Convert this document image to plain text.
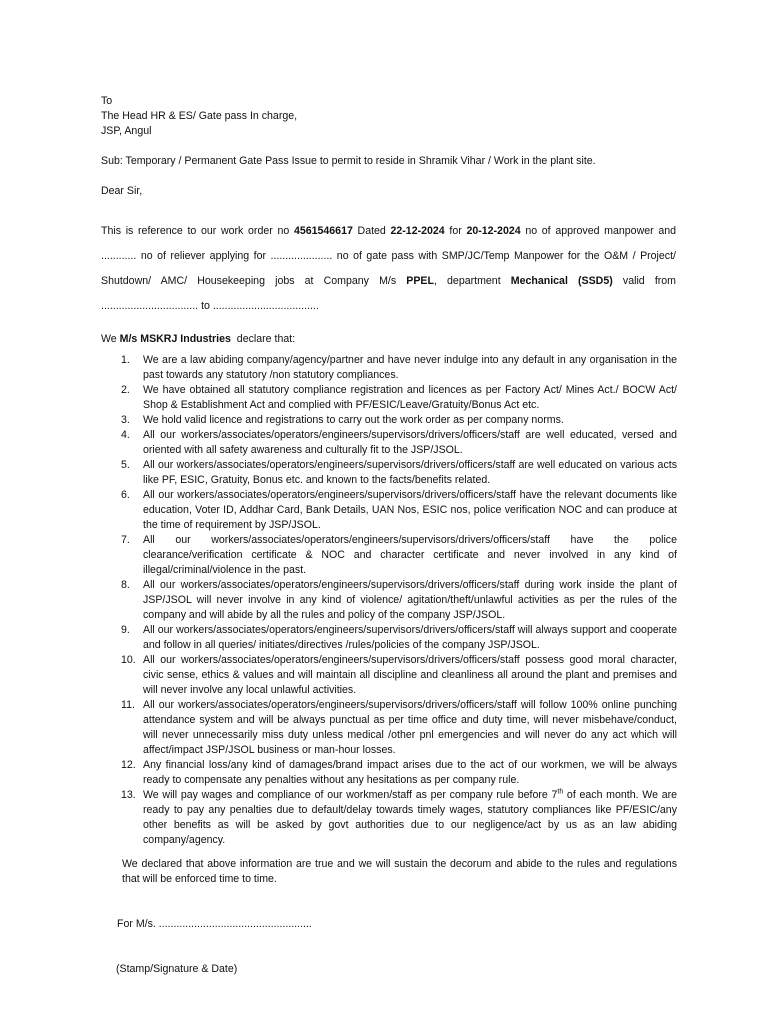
To
The Head HR & ES/ Gate pass In charge,
JSP, Angul
Sub: Temporary / Permanent Gate Pass Issue to permit to reside in Shramik Vihar / Work in the plant site.
Dear Sir,

This is reference to our work order no 4561546617 Dated 22-12-2024 for 20-12-2024 no of approved manpower and

............ no of reliever applying for ..................... no of gate pass with SMP/JC/Temp Manpower for the O&M / Project/

Shutdown/ AMC/ Housekeeping jobs at Company M/s PPEL, department Mechanical (SSD5) valid from

................................. to ....................................

We M/s MSKRJ Industries  declare that:
1. We are a law abiding company/agency/partner and have never indulge into any default in any organisation in the past towards any statutory /non statutory compliances.
2. We have obtained all statutory compliance registration and licences as per Factory Act/ Mines Act./ BOCW Act/ Shop & Establishment Act and complied with PF/ESIC/Leave/Gratuity/Bonus Act etc.
3. We hold valid licence and registrations to carry out the work order as per company norms.
4. All our workers/associates/operators/engineers/supervisors/drivers/officers/staff are well educated, versed and oriented with all safety awareness and culturally fit to the JSP/JSOL.
5. All our workers/associates/operators/engineers/supervisors/drivers/officers/staff are well educated on various acts like PF, ESIC, Gratuity, Bonus etc. and known to the facts/benefits related.
6. All our workers/associates/operators/engineers/supervisors/drivers/officers/staff have the relevant documents like education, Voter ID, Addhar Card, Bank Details, UAN Nos, ESIC nos, police verification NOC and can produce at the time of requirement by JSP/JSOL.
7. All our workers/associates/operators/engineers/supervisors/drivers/officers/staff have the police clearance/verification certificate & NOC and character certificate and never involved in any kind of illegal/criminal/violence in the past.
8. All our workers/associates/operators/engineers/supervisors/drivers/officers/staff during work inside the plant of JSP/JSOL will never involve in any kind of violence/ agitation/theft/unlawful activities as per the rules of the company and will abide by all the rules and policy of the company JSP/JSOL.
9. All our workers/associates/operators/engineers/supervisors/drivers/officers/staff will always support and cooperate and follow in all queries/ initiates/directives /rules/policies of the company JSP/JSOL.
10. All our workers/associates/operators/engineers/supervisors/drivers/officers/staff possess good moral character, civic sense, ethics & values and will maintain all discipline and cleanliness all around the plant and premises and will never involve any local unlawful activities.
11. All our workers/associates/operators/engineers/supervisors/drivers/officers/staff will follow 100% online punching attendance system and will be always punctual as per time office and duty time, will never misbehave/conduct, will never unnecessarily miss duty unless medical /other pnl emergencies and will never do any act which will affect/impact JSP/JSOL business or man-hour losses.
12. Any financial loss/any kind of damages/brand impact arises due to the act of our workmen, we will be always ready to compensate any penalties without any hesitations as per company rule.
13. We will pay wages and compliance of our workmen/staff as per company rule before 7th of each month. We are ready to pay any penalties due to default/delay towards timely wages, statutory compliances like PF/ESIC/any other benefits as will be asked by govt authorities due to our negligence/act by us as an law abiding company/agency.
We declared that above information are true and we will sustain the decorum and abide to the rules and regulations that will be enforced time to time.
For M/s. ....................................................
(Stamp/Signature & Date)
